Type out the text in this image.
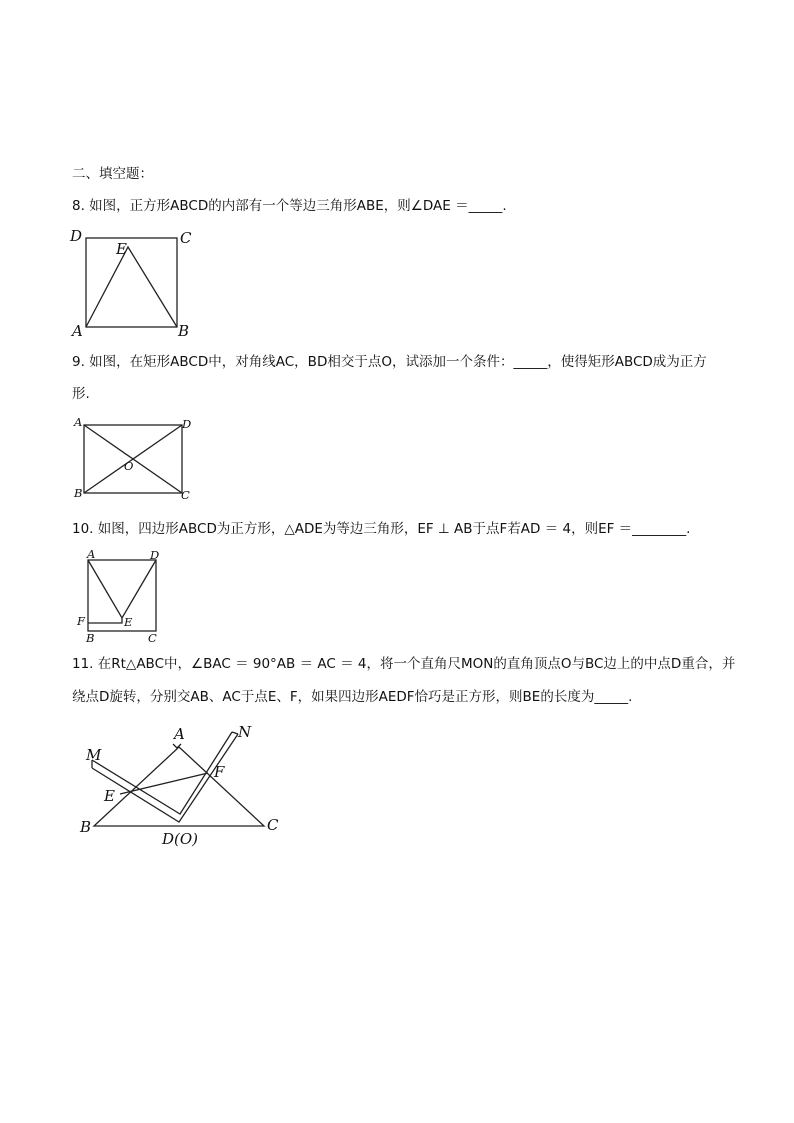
二、填空题：
8. 如图，正方形ABCD的内部有一个等边三角形ABE，则∠DAE ＝_____.
D	C
E
A	B
9. 如图，在矩形ABCD中，对角线AC，BD相交于点O，试添加一个条件：_____，使得矩形ABCD成为正方
形.
A	D
O
B	C
10. 如图，四边形ABCD为正方形，△ADE为等边三角形，EF ⊥ AB于点F若AD ＝ 4，则EF ＝________.
A	D
F	E
B	C
11. 在Rt△ABC中，∠BAC ＝ 90°AB ＝ AC ＝ 4，将一个直角尺MON的直角顶点O与BC边上的中点D重合，并
绕点D旋转，分别交AB、AC于点E、F，如果四边形AEDF恰巧是正方形，则BE的长度为_____.
A	N
M
F
E
B	C
D(O)
